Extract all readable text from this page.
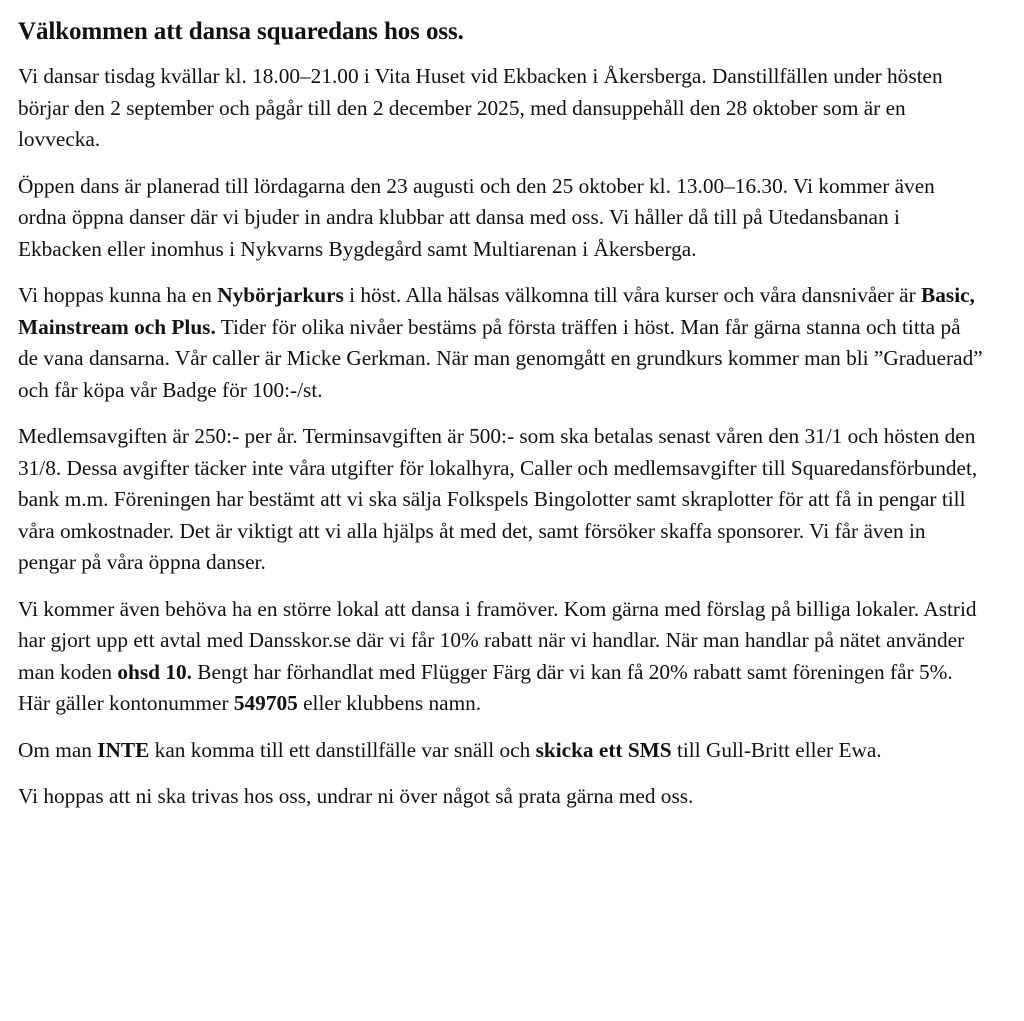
Välkommen att dansa squaredans hos oss.

Vi dansar tisdag kvällar kl. 18.00–21.00 i Vita Huset vid Ekbacken i Åkersberga. Danstillfällen under hösten börjar den 2 september och pågår till den 2 december 2025, med dansuppehåll den 28 oktober som är en lovvecka.

Öppen dans är planerad till lördagarna den 23 augusti och den 25 oktober kl. 13.00–16.30. Vi kommer även ordna öppna danser där vi bjuder in andra klubbar att dansa med oss. Vi håller då till på Utedansbanan i Ekbacken eller inomhus i Nykvarns Bygdegård samt Multiarenan i Åkersberga.

Vi hoppas kunna ha en Nybörjarkurs i höst. Alla hälsas välkomna till våra kurser och våra dansnivåer är Basic, Mainstream och Plus. Tider för olika nivåer bestäms på första träffen i höst. Man får gärna stanna och titta på de vana dansarna. Vår caller är Micke Gerkman. När man genomgått en grundkurs kommer man bli ”Graduerad” och får köpa vår Badge för 100:-/st.

Medlemsavgiften är 250:- per år. Terminsavgiften är 500:- som ska betalas senast våren den 31/1 och hösten den 31/8. Dessa avgifter täcker inte våra utgifter för lokalhyra, Caller och medlemsavgifter till Squaredansförbundet, bank m.m. Föreningen har bestämt att vi ska sälja Folkspels Bingolotter samt skraplotter för att få in pengar till våra omkostnader. Det är viktigt att vi alla hjälps åt med det, samt försöker skaffa sponsorer. Vi får även in pengar på våra öppna danser.

Vi kommer även behöva ha en större lokal att dansa i framöver. Kom gärna med förslag på billiga lokaler. Astrid har gjort upp ett avtal med Dansskor.se där vi får 10% rabatt när vi handlar. När man handlar på nätet använder man koden ohsd 10. Bengt har förhandlat med Flügger Färg där vi kan få 20% rabatt samt föreningen får 5%. Här gäller kontonummer 549705 eller klubbens namn.

Om man INTE kan komma till ett danstillfälle var snäll och skicka ett SMS till Gull-Britt eller Ewa.

Vi hoppas att ni ska trivas hos oss, undrar ni över något så prata gärna med oss.
